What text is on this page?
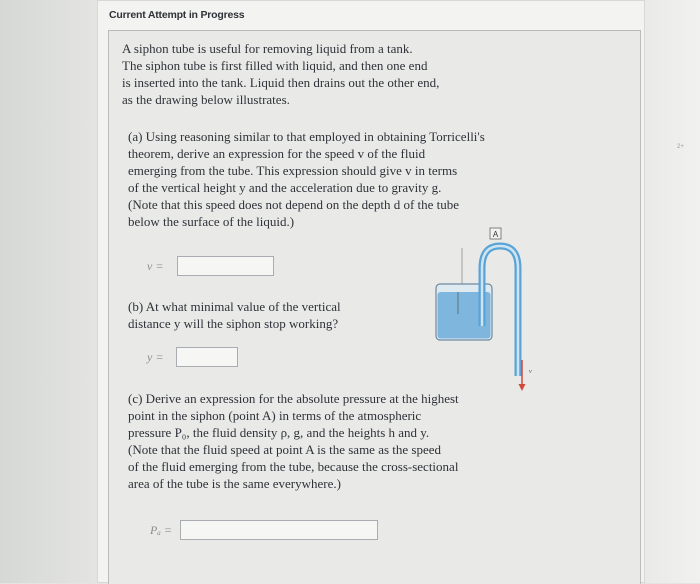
Current Attempt in Progress

A siphon tube is useful for removing liquid from a tank.
The siphon tube is first filled with liquid, and then one end
is inserted into the tank. Liquid then drains out the other end,
as the drawing below illustrates.

(a) Using reasoning similar to that employed in obtaining Torricelli's
theorem, derive an expression for the speed v of the fluid
emerging from the tube. This expression should give v in terms
of the vertical height y and the acceleration due to gravity g.
(Note that this speed does not depend on the depth d of the tube
below the surface of the liquid.)

v =

(b) At what minimal value of the vertical
distance y will the siphon stop working?

y =

(c) Derive an expression for the absolute pressure at the highest
point in the siphon (point A) in terms of the atmospheric
pressure P₀, the fluid density ρ, g, and the heights h and y.
(Note that the fluid speed at point A is the same as the speed
of the fluid emerging from the tube, because the cross-sectional
area of the tube is the same everywhere.)

Pₐ =
A
v
2+
